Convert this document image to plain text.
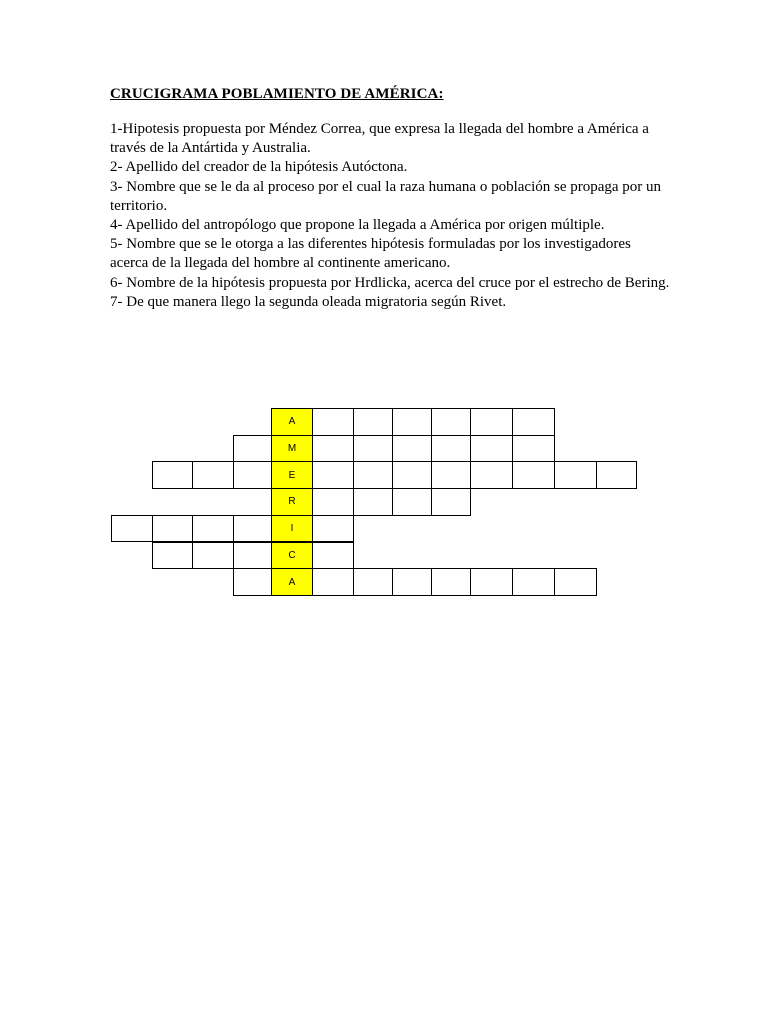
CRUCIGRAMA POBLAMIENTO DE AMÉRICA:
1-Hipotesis propuesta por Méndez Correa, que expresa la llegada del hombre a América a través de la Antártida y Australia.
2- Apellido del creador de la hipótesis Autóctona.
3- Nombre que se le da al proceso por el cual la raza humana o población se propaga por un territorio.
4- Apellido del antropólogo que propone la llegada a América por origen múltiple.
5- Nombre que se le otorga a las diferentes hipótesis formuladas por los investigadores acerca de la llegada del hombre al continente americano.
6- Nombre de la hipótesis propuesta por Hrdlicka, acerca del cruce por el estrecho de Bering.
7- De que manera llego la segunda oleada migratoria según Rivet.
A
M
E
R
I
C
A
